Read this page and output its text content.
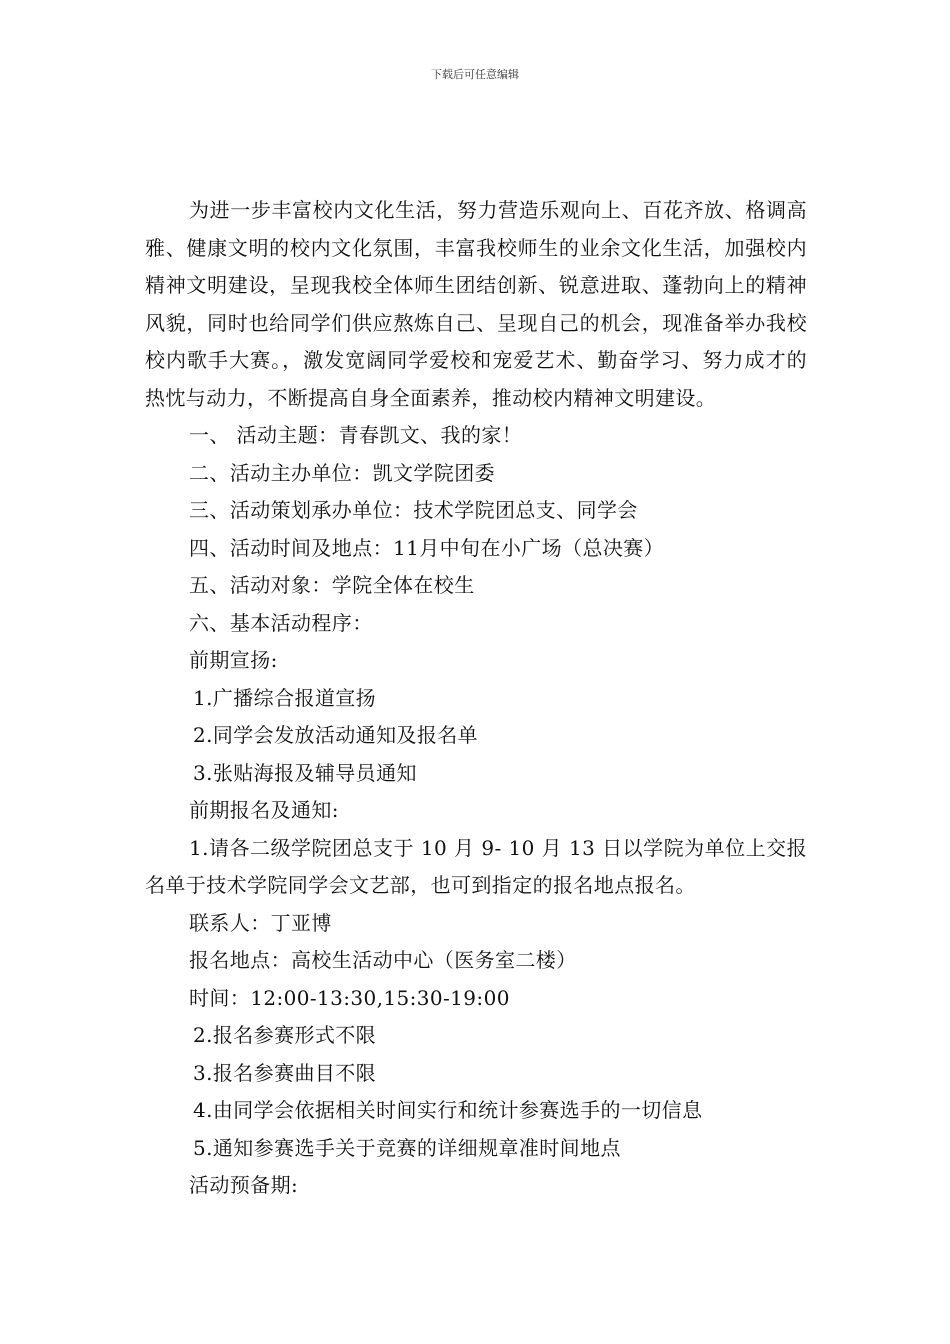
下载后可任意编辑

为进一步丰富校内文化生活，努力营造乐观向上、百花齐放、格调高雅、健康文明的校内文化氛围，丰富我校师生的业余文化生活，加强校内精神文明建设，呈现我校全体师生团结创新、锐意进取、蓬勃向上的精神风貌，同时也给同学们供应熬炼自己、呈现自己的机会，现准备举办我校校内歌手大赛。，激发宽阔同学爱校和宠爱艺术、勤奋学习、努力成才的热忱与动力，不断提高自身全面素养，推动校内精神文明建设。

一、 活动主题：青春凯文、我的家！

二、活动主办单位：凯文学院团委

三、活动策划承办单位：技术学院团总支、同学会

四、活动时间及地点：11月中旬在小广场（总决赛）

五、活动对象：学院全体在校生

六、基本活动程序：

前期宣扬:

1.广播综合报道宣扬

2.同学会发放活动通知及报名单

3.张贴海报及辅导员通知

前期报名及通知:

1.请各二级学院团总支于 10 月 9- 10 月 13 日以学院为单位上交报名单于技术学院同学会文艺部，也可到指定的报名地点报名。

联系人：丁亚博

报名地点：高校生活动中心（医务室二楼）

时间：12:00-13:30,15:30-19:00

2.报名参赛形式不限

3.报名参赛曲目不限

4.由同学会依据相关时间实行和统计参赛选手的一切信息

5.通知参赛选手关于竞赛的详细规章准时间地点

活动预备期:
